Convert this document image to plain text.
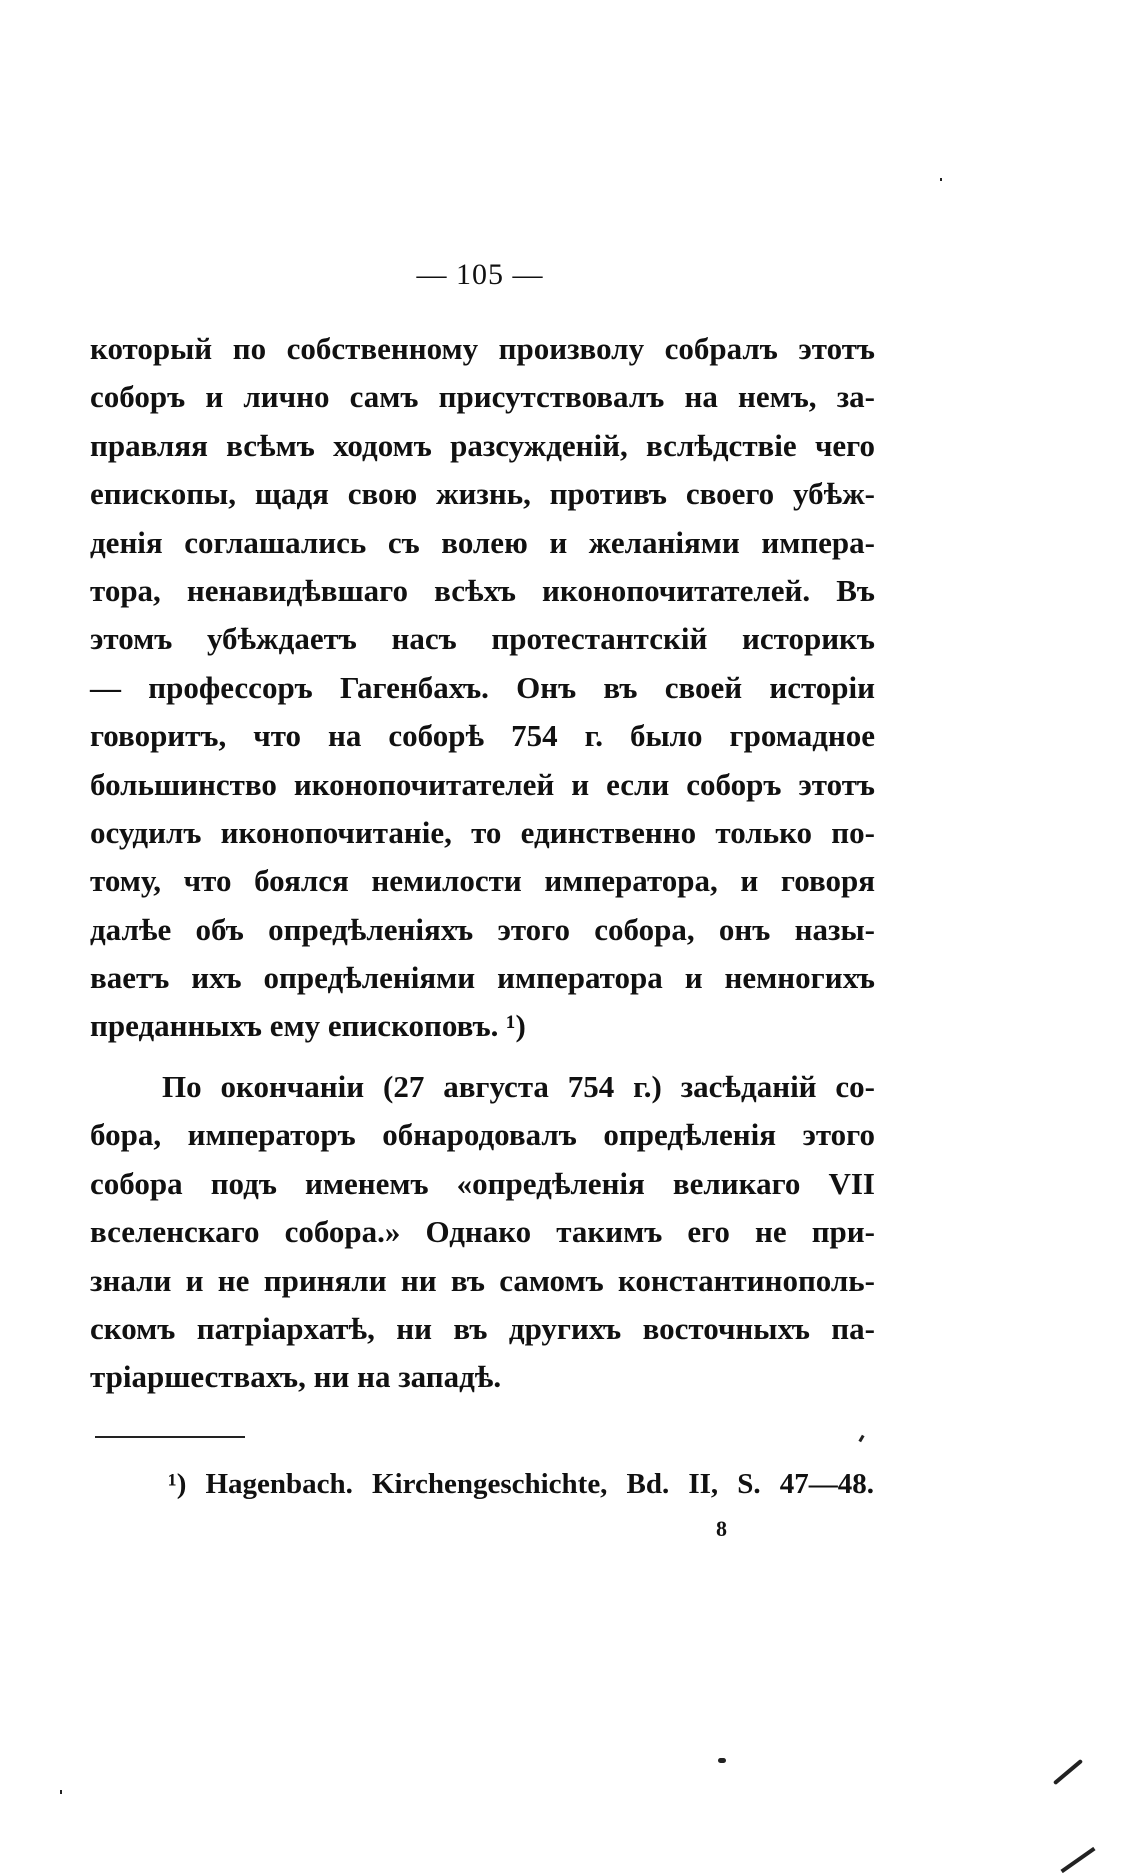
— 105 —
который по собственному произволу собралъ этотъ
соборъ и лично самъ присутствовалъ на немъ, за-
правляя всѣмъ ходомъ разсужденій, вслѣдствіе чего
епископы, щадя свою жизнь, противъ своего убѣж-
денія соглашались съ волею и желаніями импера-
тора, ненавидѣвшаго всѣхъ иконопочитателей. Въ
этомъ убѣждаетъ насъ протестантскій историкъ
— профессоръ Гагенбахъ. Онъ въ своей исторіи
говоритъ, что на соборѣ 754 г. было громадное
большинство иконопочитателей и если соборъ этотъ
осудилъ иконопочитаніе, то единственно только по-
тому, что боялся немилости императора, и говоря
далѣе объ опредѣленіяхъ этого собора, онъ назы-
ваетъ ихъ опредѣленіями императора и немногихъ
преданныхъ ему епископовъ. ¹)
По окончаніи (27 августа 754 г.) засѣданій со-
бора, императоръ обнародовалъ опредѣленія этого
собора подъ именемъ «опредѣленія великаго VII
вселенскаго собора.» Однако такимъ его не при-
знали и не приняли ни въ самомъ константинополь-
скомъ патріархатѣ, ни въ другихъ восточныхъ па-
тріаршествахъ, ни на западѣ.
¹) Hagenbach. Kirchengeschichte, Bd. II, S. 47—48.
8
